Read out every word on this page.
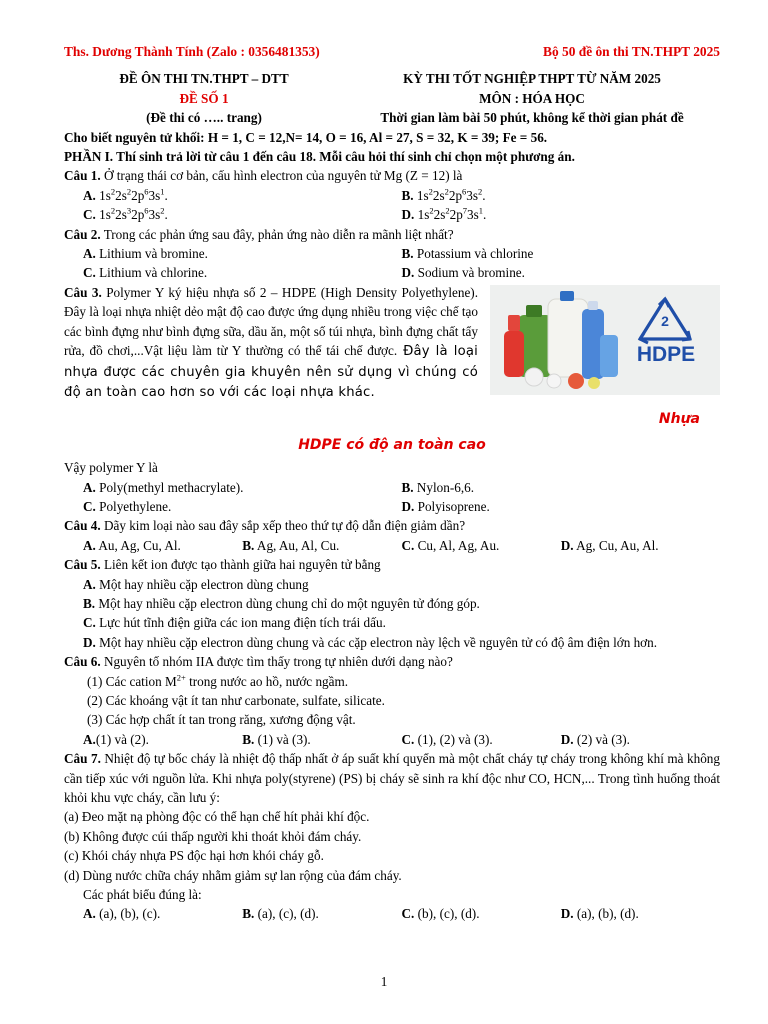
Ths. Dương Thành Tính (Zalo : 0356481353)	Bộ 50 đề ôn thi TN.THPT 2025
ĐỀ ÔN THI TN.THPT – DTT	KỲ THI TỐT NGHIỆP THPT TỪ NĂM 2025
ĐỀ SỐ 1	MÔN : HÓA HỌC
(Đề thi có ….. trang)	Thời gian làm bài 50 phút, không kể thời gian phát đề
Cho biết nguyên tử khối: H = 1, C = 12,N= 14, O = 16, Al = 27, S = 32, K = 39; Fe = 56.
PHẦN I. Thí sinh trả lời từ câu 1 đến câu 18. Mỗi câu hỏi thí sinh chỉ chọn một phương án.
Câu 1. Ở trạng thái cơ bản, cấu hình electron của nguyên tử Mg (Z = 12) là
A. $1s^22s^22p^63s^1$.	B. $1s^22s^22p^63s^2$.
C. $1s^22s^32p^63s^2$.	D. $1s^22s^22p^73s^1$.
Câu 2. Trong các phản ứng sau đây, phản ứng nào diễn ra mãnh liệt nhất?
A. Lithium và bromine.	B. Potassium và chlorine
C. Lithium và chlorine.	D. Sodium và bromine.
Câu 3. Polymer Y ký hiệu nhựa số 2 – HDPE (High Density Polyethylene). Đây là loại nhựa nhiệt dẻo mật độ cao được ứng dụng nhiều trong việc chế tạo các bình đựng như bình đựng sữa, dầu ăn, một số túi nhựa, bình đựng chất tẩy rửa, đồ chơi,...Vật liệu làm từ Y thường có thể tái chế được. Đây là loại nhựa được các chuyên gia khuyên nên sử dụng vì chúng có độ an toàn cao hơn so với các loại nhựa khác.
2
HDPE
Nhựa
HDPE có độ an toàn cao
Vậy polymer Y là
A. Poly(methyl methacrylate).	B. Nylon-6,6.
C. Polyethylene.	D. Polyisoprene.
Câu 4. Dãy kim loại nào sau đây sắp xếp theo thứ tự độ dẫn điện giảm dần?
A. Au, Ag, Cu, Al.	B. Ag, Au, Al, Cu.	C. Cu, Al, Ag, Au.	D. Ag, Cu, Au, Al.
Câu 5. Liên kết ion được tạo thành giữa hai nguyên tử bằng
A. Một hay nhiều cặp electron dùng chung
B. Một hay nhiều cặp electron dùng chung chỉ do một nguyên tử đóng góp.
C. Lực hút tĩnh điện giữa các ion mang điện tích trái dấu.
D. Một hay nhiều cặp electron dùng chung và các cặp electron này lệch về nguyên tử có độ âm điện lớn hơn.
Câu 6. Nguyên tố nhóm IIA được tìm thấy trong tự nhiên dưới dạng nào?
(1) Các cation $M^{2+}$ trong nước ao hồ, nước ngầm.
(2) Các khoáng vật ít tan như carbonate, sulfate, silicate.
(3) Các hợp chất ít tan trong răng, xương động vật.
A.(1) và (2).	B. (1) và (3).	C. (1), (2) và (3).	D. (2) và (3).
Câu 7. Nhiệt độ tự bốc cháy là nhiệt độ thấp nhất ở áp suất khí quyển mà một chất cháy tự cháy trong không khí mà không cần tiếp xúc với nguồn lửa. Khi nhựa poly(styrene) (PS) bị cháy sẽ sinh ra khí độc như CO, HCN,... Trong tình huống thoát khỏi khu vực cháy, cần lưu ý:
(a) Đeo mặt nạ phòng độc có thể hạn chế hít phải khí độc.
(b) Không được cúi thấp người khi thoát khỏi đám cháy.
(c) Khói cháy nhựa PS độc hại hơn khói cháy gỗ.
(d) Dùng nước chữa cháy nhằm giảm sự lan rộng của đám cháy.
Các phát biểu đúng là:
A. (a), (b), (c).	B. (a), (c), (d).	C. (b), (c), (d).	D. (a), (b), (d).
1
